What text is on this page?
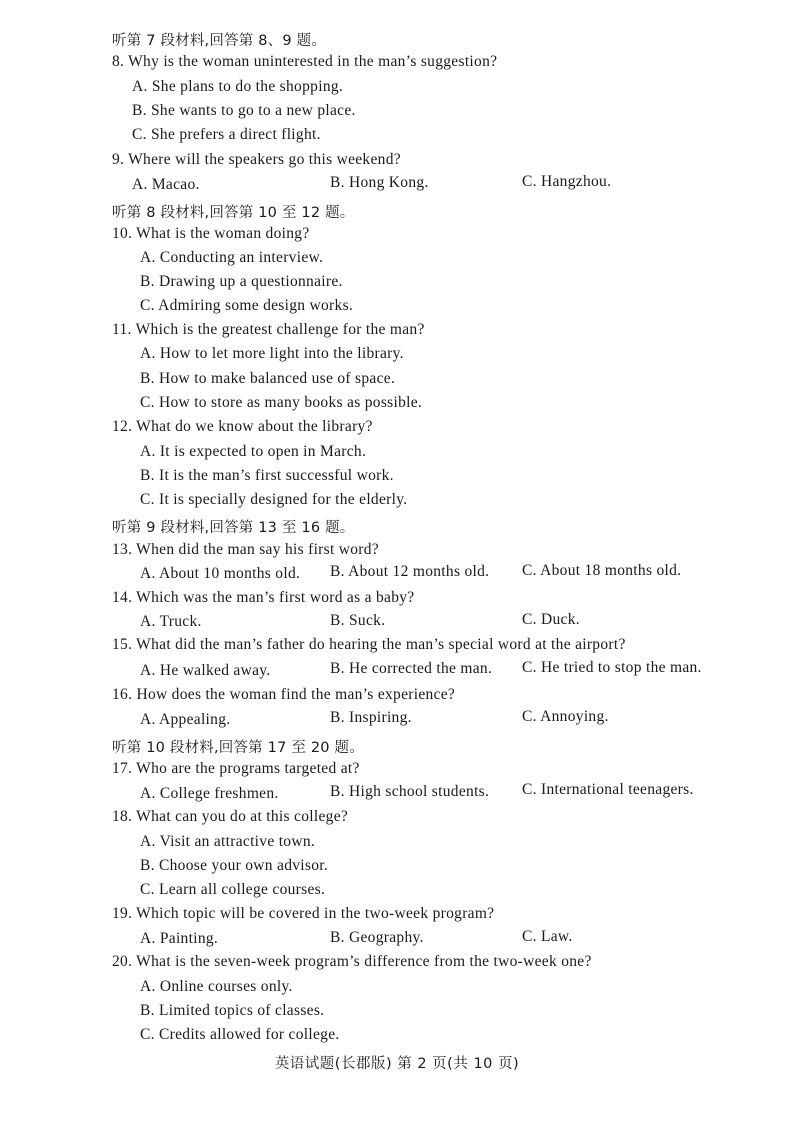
听第 7 段材料,回答第 8、9 题。
8. Why is the woman uninterested in the man’s suggestion?
A. She plans to do the shopping.
B. She wants to go to a new place.
C. She prefers a direct flight.
9. Where will the speakers go this weekend?
A. Macao.	B. Hong Kong.	C. Hangzhou.
听第 8 段材料,回答第 10 至 12 题。
10. What is the woman doing?
A. Conducting an interview.
B. Drawing up a questionnaire.
C. Admiring some design works.
11. Which is the greatest challenge for the man?
A. How to let more light into the library.
B. How to make balanced use of space.
C. How to store as many books as possible.
12. What do we know about the library?
A. It is expected to open in March.
B. It is the man’s first successful work.
C. It is specially designed for the elderly.
听第 9 段材料,回答第 13 至 16 题。
13. When did the man say his first word?
A. About 10 months old. B. About 12 months old. C. About 18 months old.
14. Which was the man’s first word as a baby?
A. Truck.	B. Suck.	C. Duck.
15. What did the man’s father do hearing the man’s special word at the airport?
A. He walked away.	B. He corrected the man. C. He tried to stop the man.
16. How does the woman find the man’s experience?
A. Appealing.	B. Inspiring.	C. Annoying.
听第 10 段材料,回答第 17 至 20 题。
17. Who are the programs targeted at?
A. College freshmen.	B. High school students. C. International teenagers.
18. What can you do at this college?
A. Visit an attractive town.
B. Choose your own advisor.
C. Learn all college courses.
19. Which topic will be covered in the two-week program?
A. Painting.	B. Geography.	C. Law.
20. What is the seven-week program’s difference from the two-week one?
A. Online courses only.
B. Limited topics of classes.
C. Credits allowed for college.
英语试题(长郡版) 第 2 页(共 10 页)
